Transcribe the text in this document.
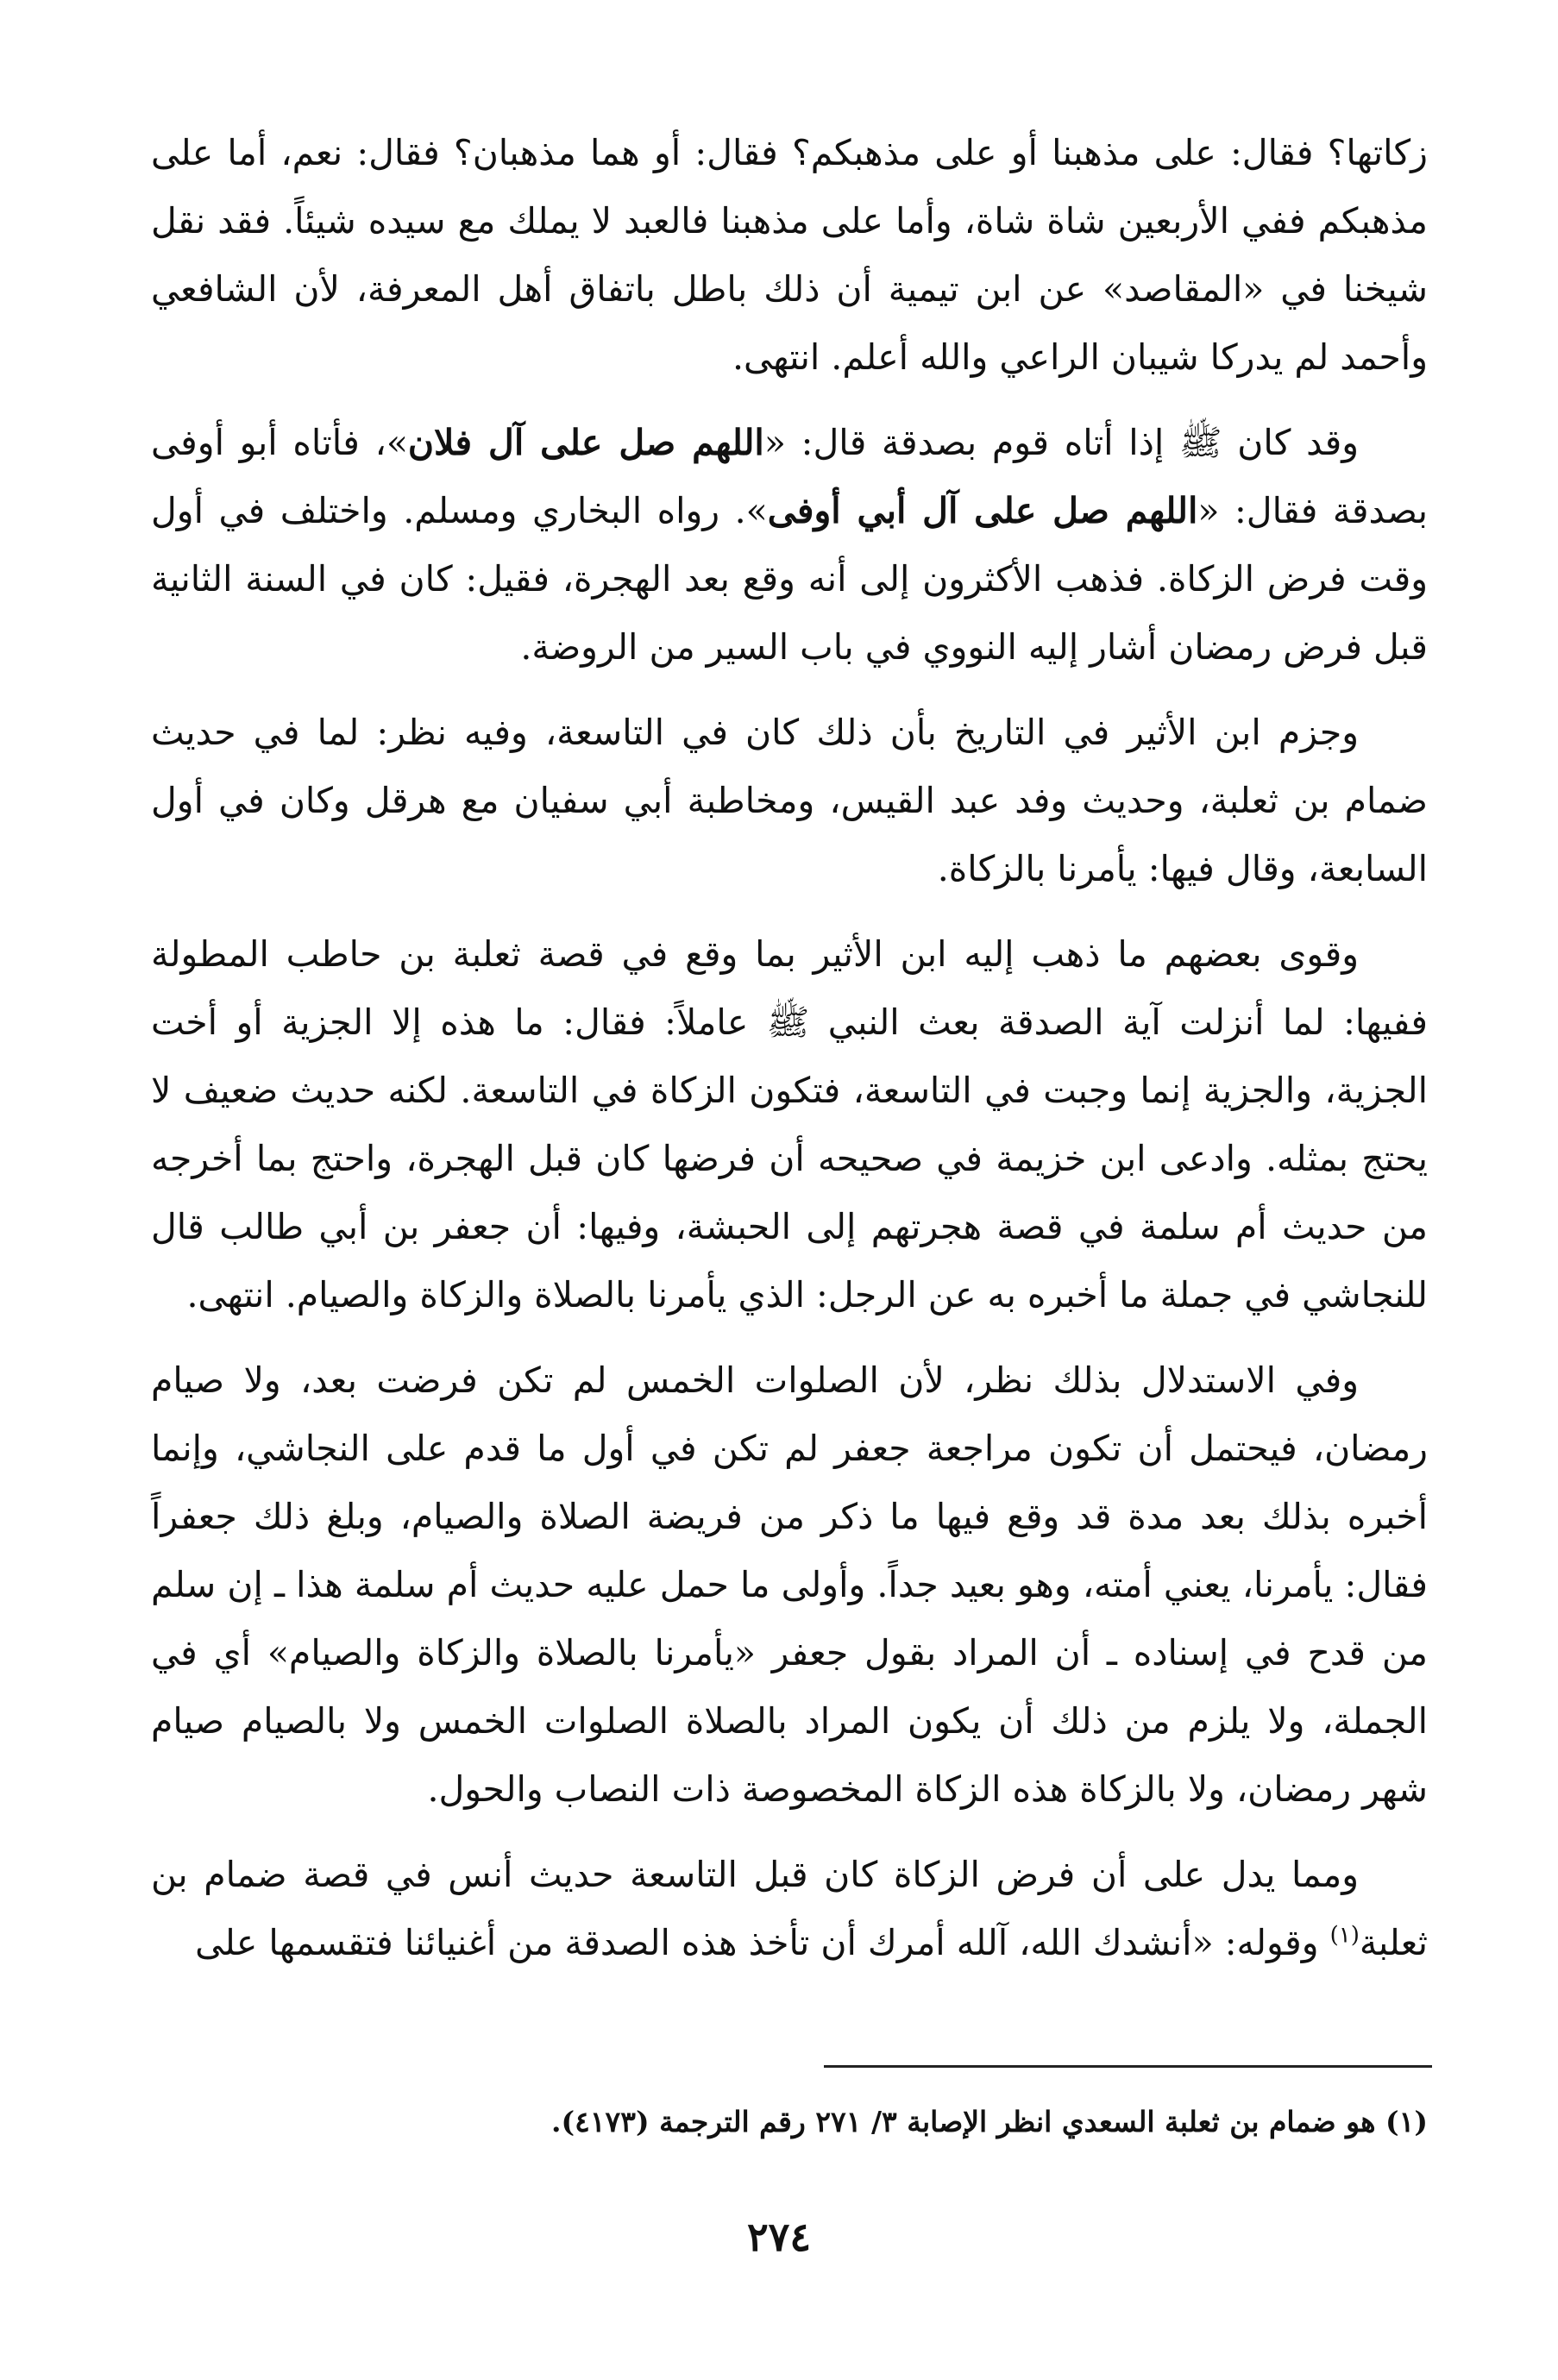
زكاتها؟ فقال: على مذهبنا أو على مذهبكم؟ فقال: أو هما مذهبان؟ فقال: نعم، أما على مذهبكم ففي الأربعين شاة شاة، وأما على مذهبنا فالعبد لا يملك مع سيده شيئاً. فقد نقل شيخنا في «المقاصد» عن ابن تيمية أن ذلك باطل باتفاق أهل المعرفة، لأن الشافعي وأحمد لم يدركا شيبان الراعي والله أعلم. انتهى.

وقد كان ﷺ إذا أتاه قوم بصدقة قال: «اللهم صل على آل فلان»، فأتاه أبو أوفى بصدقة فقال: «اللهم صل على آل أبي أوفى». رواه البخاري ومسلم. واختلف في أول وقت فرض الزكاة. فذهب الأكثرون إلى أنه وقع بعد الهجرة، فقيل: كان في السنة الثانية قبل فرض رمضان أشار إليه النووي في باب السير من الروضة.

وجزم ابن الأثير في التاريخ بأن ذلك كان في التاسعة، وفيه نظر: لما في حديث ضمام بن ثعلبة، وحديث وفد عبد القيس، ومخاطبة أبي سفيان مع هرقل وكان في أول السابعة، وقال فيها: يأمرنا بالزكاة.

وقوى بعضهم ما ذهب إليه ابن الأثير بما وقع في قصة ثعلبة بن حاطب المطولة ففيها: لما أنزلت آية الصدقة بعث النبي ﷺ عاملاً: فقال: ما هذه إلا الجزية أو أخت الجزية، والجزية إنما وجبت في التاسعة، فتكون الزكاة في التاسعة. لكنه حديث ضعيف لا يحتج بمثله. وادعى ابن خزيمة في صحيحه أن فرضها كان قبل الهجرة، واحتج بما أخرجه من حديث أم سلمة في قصة هجرتهم إلى الحبشة، وفيها: أن جعفر بن أبي طالب قال للنجاشي في جملة ما أخبره به عن الرجل: الذي يأمرنا بالصلاة والزكاة والصيام. انتهى.

وفي الاستدلال بذلك نظر، لأن الصلوات الخمس لم تكن فرضت بعد، ولا صيام رمضان، فيحتمل أن تكون مراجعة جعفر لم تكن في أول ما قدم على النجاشي، وإنما أخبره بذلك بعد مدة قد وقع فيها ما ذكر من فريضة الصلاة والصيام، وبلغ ذلك جعفراً فقال: يأمرنا، يعني أمته، وهو بعيد جداً. وأولى ما حمل عليه حديث أم سلمة هذا ـ إن سلم من قدح في إسناده ـ أن المراد بقول جعفر «يأمرنا بالصلاة والزكاة والصيام» أي في الجملة، ولا يلزم من ذلك أن يكون المراد بالصلاة الصلوات الخمس ولا بالصيام صيام شهر رمضان، ولا بالزكاة هذه الزكاة المخصوصة ذات النصاب والحول.

ومما يدل على أن فرض الزكاة كان قبل التاسعة حديث أنس في قصة ضمام بن ثعلبة$^{(١)}$ وقوله: «أنشدك الله، آلله أمرك أن تأخذ هذه الصدقة من أغنيائنا فتقسمها على

(١) هو ضمام بن ثعلبة السعدي انظر الإصابة ٣/ ٢٧١ رقم الترجمة (٤١٧٣).
٢٧٤
